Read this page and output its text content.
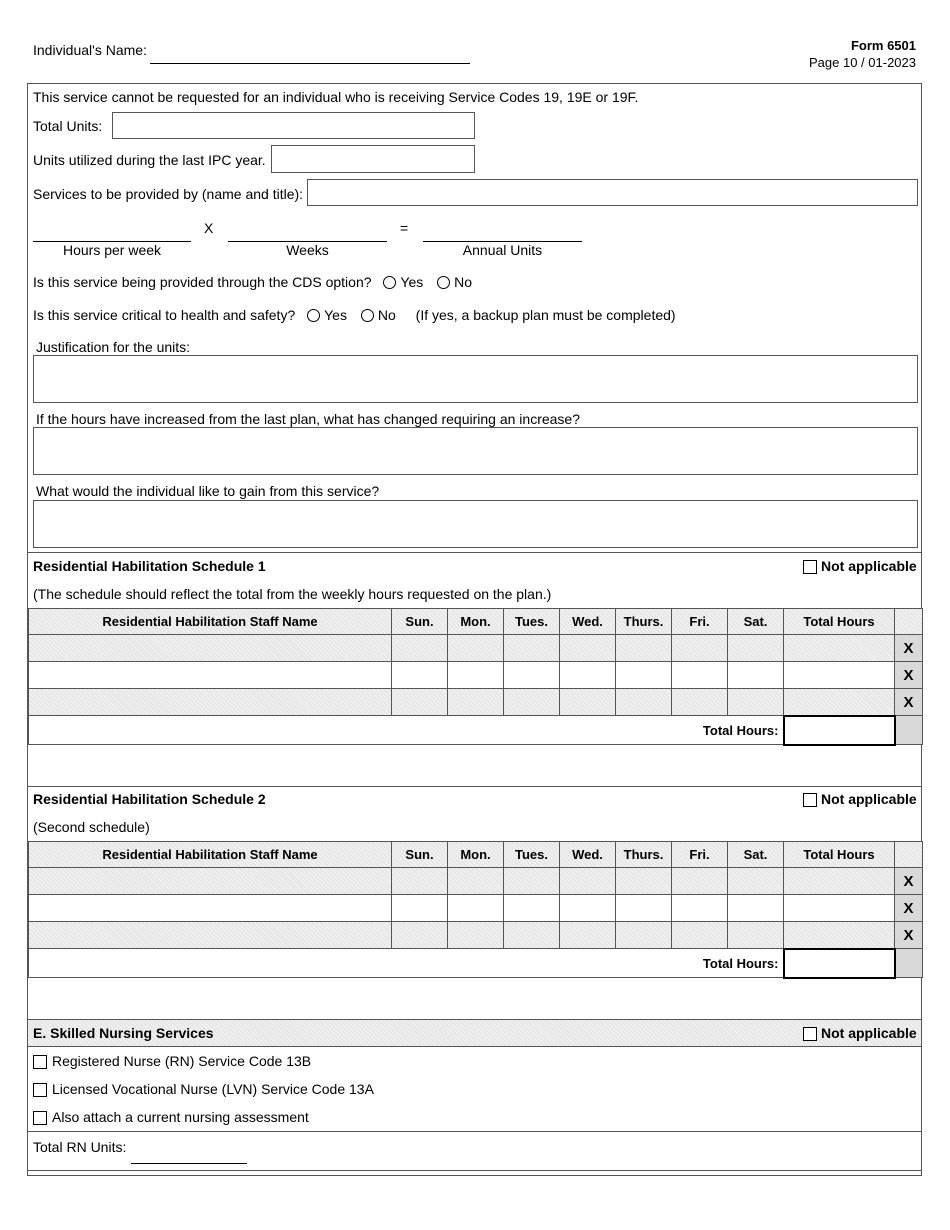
Individual's Name:	Form 6501
Page 10 / 01-2023
This service cannot be requested for an individual who is receiving Service Codes 19, 19E or 19F.
Total Units:
Units utilized during the last IPC year.
Services to be provided by (name and title):
X	=
Hours per week	Weeks	Annual Units
Is this service being provided through the CDS option? Yes No
Is this service critical to health and safety? Yes No (If yes, a backup plan must be completed)
Justification for the units:
If the hours have increased from the last plan, what has changed requiring an increase?
What would the individual like to gain from this service?
Residential Habilitation Schedule 1	Not applicable
(The schedule should reflect the total from the weekly hours requested on the plan.)
Residential Habilitation Staff Name	Sun.	Mon.	Tues.	Wed.	Thurs.	Fri.	Sat.	Total Hours	
									X
									X
									X
Total Hours:									
Residential Habilitation Schedule 2	Not applicable
(Second schedule)
Residential Habilitation Staff Name	Sun.	Mon.	Tues.	Wed.	Thurs.	Fri.	Sat.	Total Hours	
									X
									X
									X
Total Hours:									
E. Skilled Nursing Services	Not applicable
Registered Nurse (RN) Service Code 13B
Licensed Vocational Nurse (LVN) Service Code 13A
Also attach a current nursing assessment
Total RN Units:
